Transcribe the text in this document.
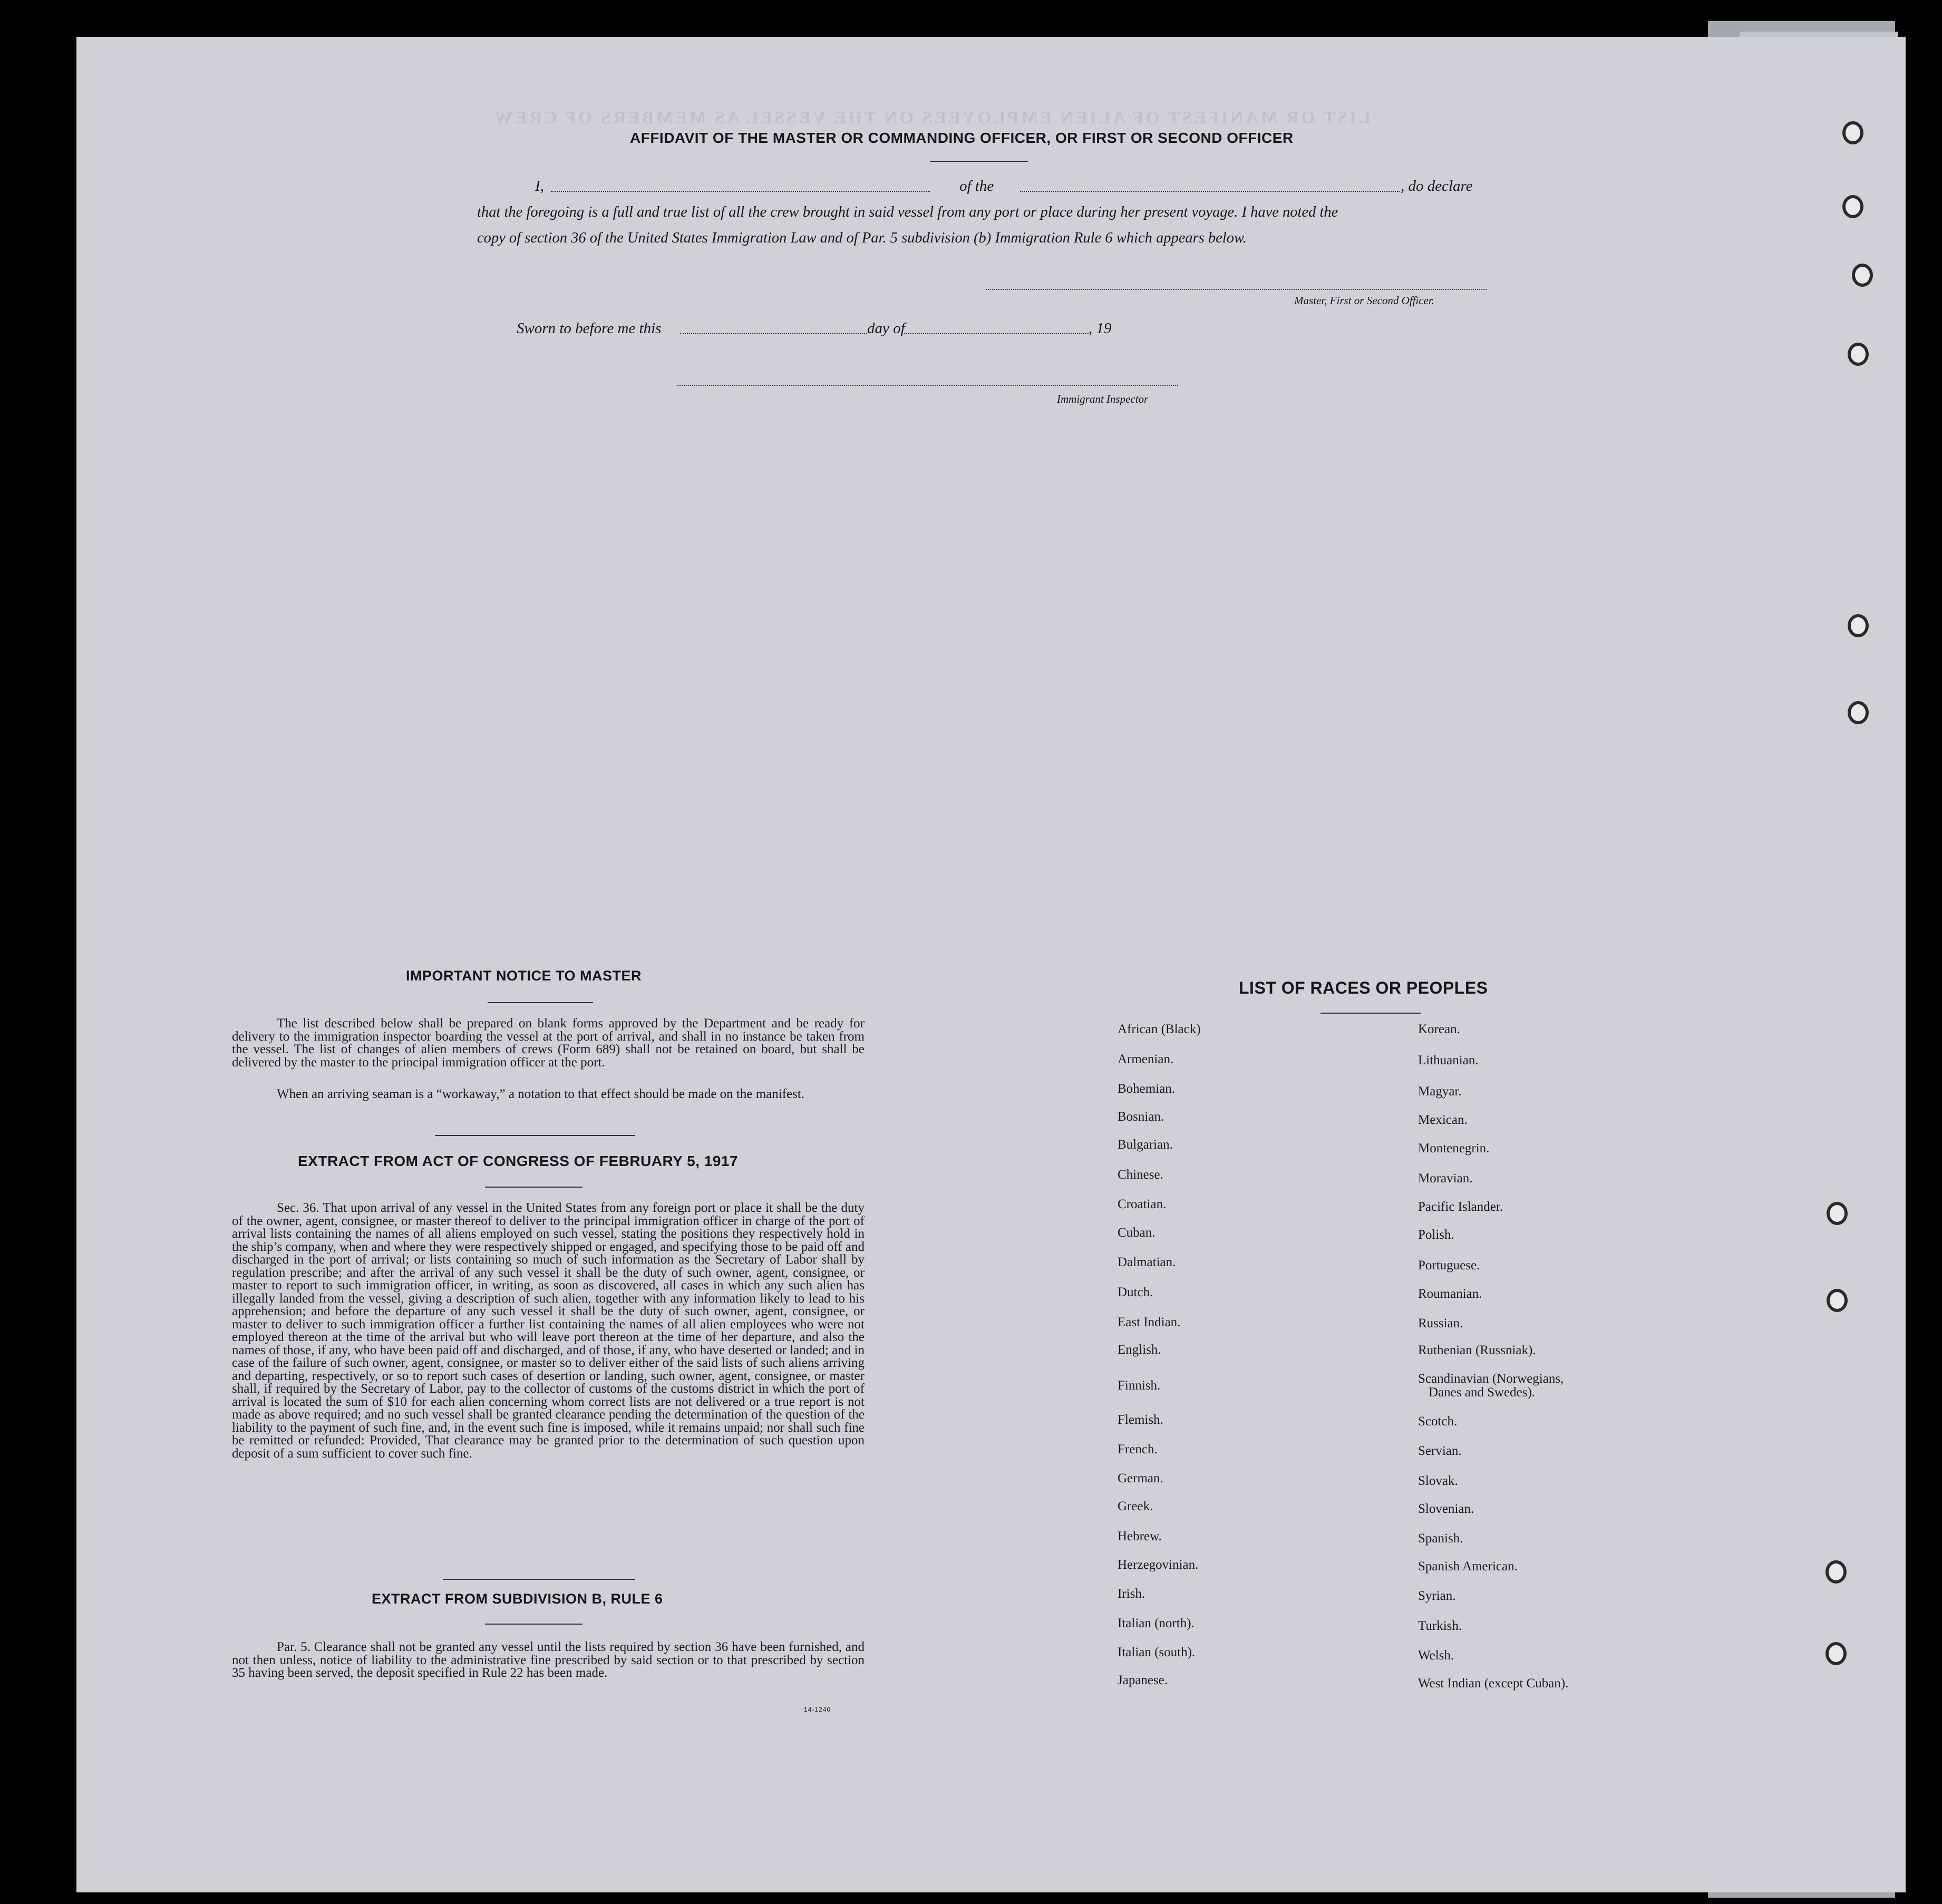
LIST OR MANIFEST OF ALIEN EMPLOYEES ON THE VESSEL AS MEMBERS OF CREW
AFFIDAVIT OF THE MASTER OR COMMANDING OFFICER, OR FIRST OR SECOND OFFICER
I,	of the	, do declare
that the foregoing is a full and true list of all the crew brought in said vessel from any port or place during her present voyage. I have noted the
copy of section 36 of the United States Immigration Law and of Par. 5 subdivision (b) Immigration Rule 6 which appears below.
Master, First or Second Officer.
Sworn to before me this	day of	, 19
Immigrant Inspector
IMPORTANT NOTICE TO MASTER
The list described below shall be prepared on blank forms approved by the Department and be ready for delivery to the immigration inspector boarding the vessel at the port of arrival, and shall in no instance be taken from the vessel. The list of changes of alien members of crews (Form 689) shall not be retained on board, but shall be delivered by the master to the principal immigration officer at the port.
When an arriving seaman is a “workaway,” a notation to that effect should be made on the manifest.
EXTRACT FROM ACT OF CONGRESS OF FEBRUARY 5, 1917
Sec. 36. That upon arrival of any vessel in the United States from any foreign port or place it shall be the duty of the owner, agent, consignee, or master thereof to deliver to the principal immigration officer in charge of the port of arrival lists containing the names of all aliens employed on such vessel, stating the positions they respectively hold in the ship’s company, when and where they were respectively shipped or engaged, and specifying those to be paid off and discharged in the port of arrival; or lists containing so much of such information as the Secretary of Labor shall by regulation prescribe; and after the arrival of any such vessel it shall be the duty of such owner, agent, consignee, or master to report to such immigration officer, in writing, as soon as discovered, all cases in which any such alien has illegally landed from the vessel, giving a description of such alien, together with any information likely to lead to his apprehension; and before the departure of any such vessel it shall be the duty of such owner, agent, consignee, or master to deliver to such immigration officer a further list containing the names of all alien employees who were not employed thereon at the time of the arrival but who will leave port thereon at the time of her departure, and also the names of those, if any, who have been paid off and discharged, and of those, if any, who have deserted or landed; and in case of the failure of such owner, agent, consignee, or master so to deliver either of the said lists of such aliens arriving and departing, respectively, or so to report such cases of desertion or landing, such owner, agent, consignee, or master shall, if required by the Secretary of Labor, pay to the collector of customs of the customs district in which the port of arrival is located the sum of $10 for each alien concerning whom correct lists are not delivered or a true report is not made as above required; and no such vessel shall be granted clearance pending the determination of the question of the liability to the payment of such fine, and, in the event such fine is imposed, while it remains unpaid; nor shall such fine be remitted or refunded: Provided, That clearance may be granted prior to the determination of such question upon deposit of a sum sufficient to cover such fine.
EXTRACT FROM SUBDIVISION B, RULE 6
Par. 5. Clearance shall not be granted any vessel until the lists required by section 36 have been furnished, and not then unless, notice of liability to the administrative fine prescribed by said section or to that prescribed by section 35 having been served, the deposit specified in Rule 22 has been made.
14-1240
LIST OF RACES OR PEOPLES
African (Black)
Armenian.
Bohemian.
Bosnian.
Bulgarian.
Chinese.
Croatian.
Cuban.
Dalmatian.
Dutch.
East Indian.
English.
Finnish.
Flemish.
French.
German.
Greek.
Hebrew.
Herzegovinian.
Irish.
Italian (north).
Italian (south).
Japanese.
Korean.
Lithuanian.
Magyar.
Mexican.
Montenegrin.
Moravian.
Pacific Islander.
Polish.
Portuguese.
Roumanian.
Russian.
Ruthenian (Russniak).
Scandinavian (Norwegians,
Danes and Swedes).
Scotch.
Servian.
Slovak.
Slovenian.
Spanish.
Spanish American.
Syrian.
Turkish.
Welsh.
West Indian (except Cuban).
